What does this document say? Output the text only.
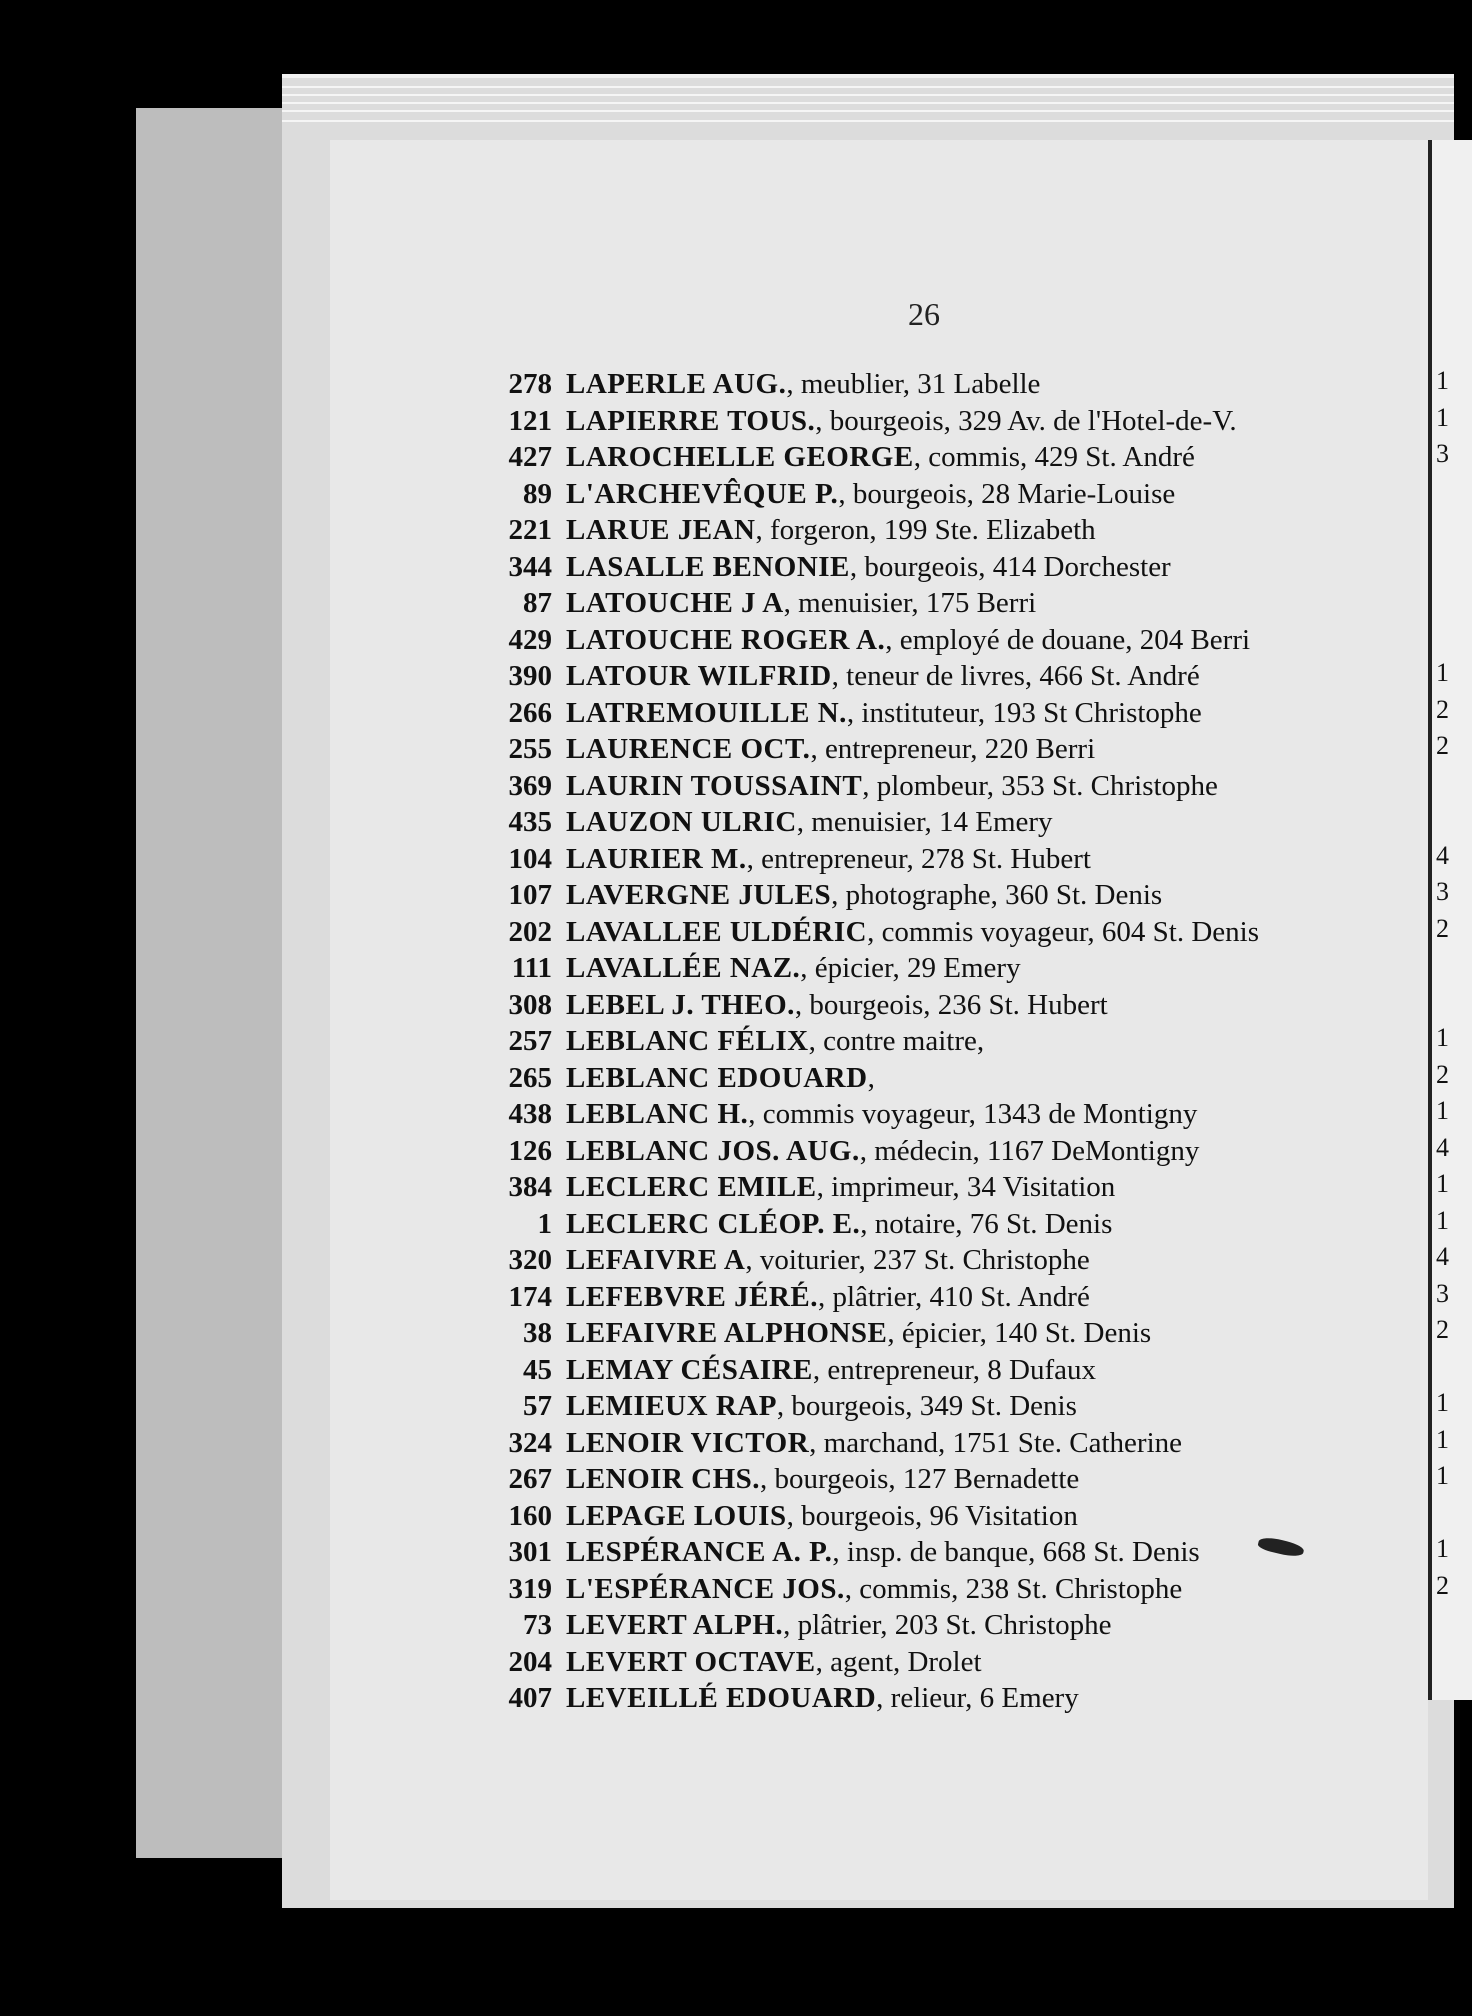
1
1
3
1
2
2
4
3
2
1
2
1
4
1
1
4
3
2
1
1
1
1
2
26
278 LAPERLE AUG. , meublier, 31 Labelle
121 LAPIERRE TOUS. , bourgeois, 329 Av. de l'Hotel-de-V.
427 LAROCHELLE GEORGE , commis, 429 St. André
89 L'ARCHEVÊQUE P. , bourgeois, 28 Marie-Louise
221 LARUE JEAN , forgeron, 199 Ste. Elizabeth
344 LASALLE BENONIE , bourgeois, 414 Dorchester
87 LATOUCHE J A , menuisier, 175 Berri
429 LATOUCHE ROGER A. , employé de douane, 204 Berri
390 LATOUR WILFRID , teneur de livres, 466 St. André
266 LATREMOUILLE N. , instituteur, 193 St Christophe
255 LAURENCE OCT. , entrepreneur, 220 Berri
369 LAURIN TOUSSAINT , plombeur, 353 St. Christophe
435 LAUZON ULRIC , menuisier, 14 Emery
104 LAURIER M. , entrepreneur, 278 St. Hubert
107 LAVERGNE JULES , photographe, 360 St. Denis
202 LAVALLEE ULDÉRIC , commis voyageur, 604 St. Denis
111 LAVALLÉE NAZ. , épicier, 29 Emery
308 LEBEL J. THEO. , bourgeois, 236 St. Hubert
257 LEBLANC FÉLIX , contre maitre,
265 LEBLANC EDOUARD ,
438 LEBLANC H. , commis voyageur, 1343 de Montigny
126 LEBLANC JOS. AUG. , médecin, 1167 DeMontigny
384 LECLERC EMILE , imprimeur, 34 Visitation
1 LECLERC CLÉOP. E. , notaire, 76 St. Denis
320 LEFAIVRE A , voiturier, 237 St. Christophe
174 LEFEBVRE JÉRÉ. , plâtrier, 410 St. André
38 LEFAIVRE ALPHONSE , épicier, 140 St. Denis
45 LEMAY CÉSAIRE , entrepreneur, 8 Dufaux
57 LEMIEUX RAP , bourgeois, 349 St. Denis
324 LENOIR VICTOR , marchand, 1751 Ste. Catherine
267 LENOIR CHS. , bourgeois, 127 Bernadette
160 LEPAGE LOUIS , bourgeois, 96 Visitation
301 LESPÉRANCE A. P. , insp. de banque, 668 St. Denis
319 L'ESPÉRANCE JOS. , commis, 238 St. Christophe
73 LEVERT ALPH. , plâtrier, 203 St. Christophe
204 LEVERT OCTAVE , agent, Drolet
407 LEVEILLÉ EDOUARD , relieur, 6 Emery
